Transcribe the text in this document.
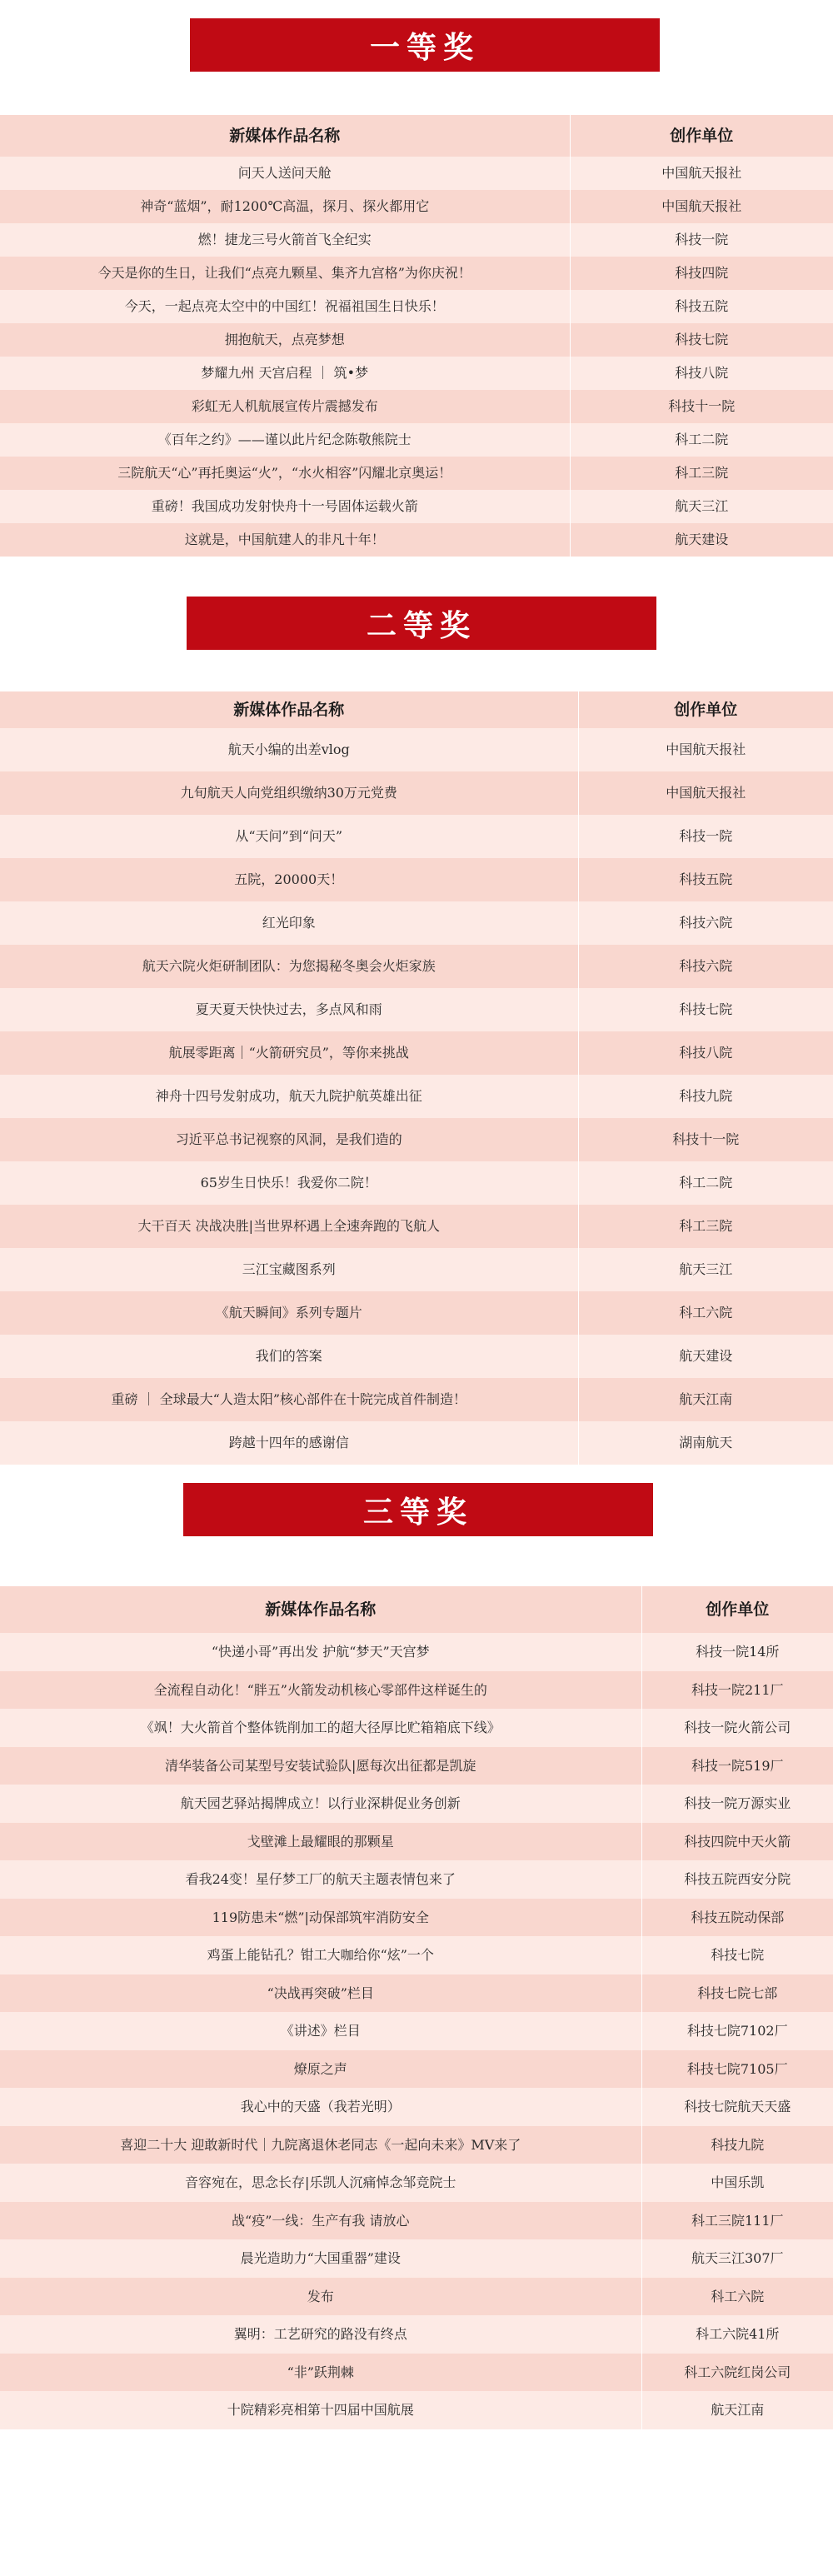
一等奖
新媒体作品名称	创作单位
问天人送问天舱	中国航天报社
神奇“蓝烟”，耐1200℃高温，探月、探火都用它	中国航天报社
燃！捷龙三号火箭首飞全纪实	科技一院
今天是你的生日，让我们“点亮九颗星、集齐九宫格”为你庆祝！	科技四院
今天，一起点亮太空中的中国红！祝福祖国生日快乐！	科技五院
拥抱航天，点亮梦想	科技七院
梦耀九州 天宫启程 ｜ 筑•梦	科技八院
彩虹无人机航展宣传片震撼发布	科技十一院
《百年之约》——谨以此片纪念陈敬熊院士	科工二院
三院航天“心”再托奥运“火”，“水火相容”闪耀北京奥运！	科工三院
重磅！我国成功发射快舟十一号固体运载火箭	航天三江
这就是，中国航建人的非凡十年！	航天建设
二等奖
新媒体作品名称	创作单位
航天小编的出差vlog	中国航天报社
九旬航天人向党组织缴纳30万元党费	中国航天报社
从“天问”到“问天”	科技一院
五院，20000天！	科技五院
红光印象	科技六院
航天六院火炬研制团队：为您揭秘冬奥会火炬家族	科技六院
夏天夏天快快过去，多点风和雨	科技七院
航展零距离｜“火箭研究员”，等你来挑战	科技八院
神舟十四号发射成功，航天九院护航英雄出征	科技九院
习近平总书记视察的风洞，是我们造的	科技十一院
65岁生日快乐！我爱你二院！	科工二院
大干百天 决战决胜|当世界杯遇上全速奔跑的飞航人	科工三院
三江宝藏图系列	航天三江
《航天瞬间》系列专题片	科工六院
我们的答案	航天建设
重磅 ｜ 全球最大“人造太阳”核心部件在十院完成首件制造！	航天江南
跨越十四年的感谢信	湖南航天
三等奖
新媒体作品名称	创作单位
“快递小哥”再出发 护航“梦天”天宫梦	科技一院14所
全流程自动化！“胖五”火箭发动机核心零部件这样诞生的	科技一院211厂
《飒！大火箭首个整体铣削加工的超大径厚比贮箱箱底下线》	科技一院火箭公司
清华装备公司某型号安装试验队|愿每次出征都是凯旋	科技一院519厂
航天园艺驿站揭牌成立！以行业深耕促业务创新	科技一院万源实业
戈壁滩上最耀眼的那颗星	科技四院中天火箭
看我24变！星仔梦工厂的航天主题表情包来了	科技五院西安分院
119防患未“燃”|动保部筑牢消防安全	科技五院动保部
鸡蛋上能钻孔？钳工大咖给你“炫”一个	科技七院
“决战再突破”栏目	科技七院七部
《讲述》栏目	科技七院7102厂
燎原之声	科技七院7105厂
我心中的天盛（我若光明）	科技七院航天天盛
喜迎二十大 迎敢新时代｜九院离退休老同志《一起向未来》MV来了	科技九院
音容宛在，思念长存|乐凯人沉痛悼念邹竞院士	中国乐凯
战“疫”一线：生产有我 请放心	科工三院111厂
晨光造助力“大国重器”建设	航天三江307厂
发布	科工六院
翼明：工艺研究的路没有终点	科工六院41所
“非”跃荆棘	科工六院红岗公司
十院精彩亮相第十四届中国航展	航天江南
